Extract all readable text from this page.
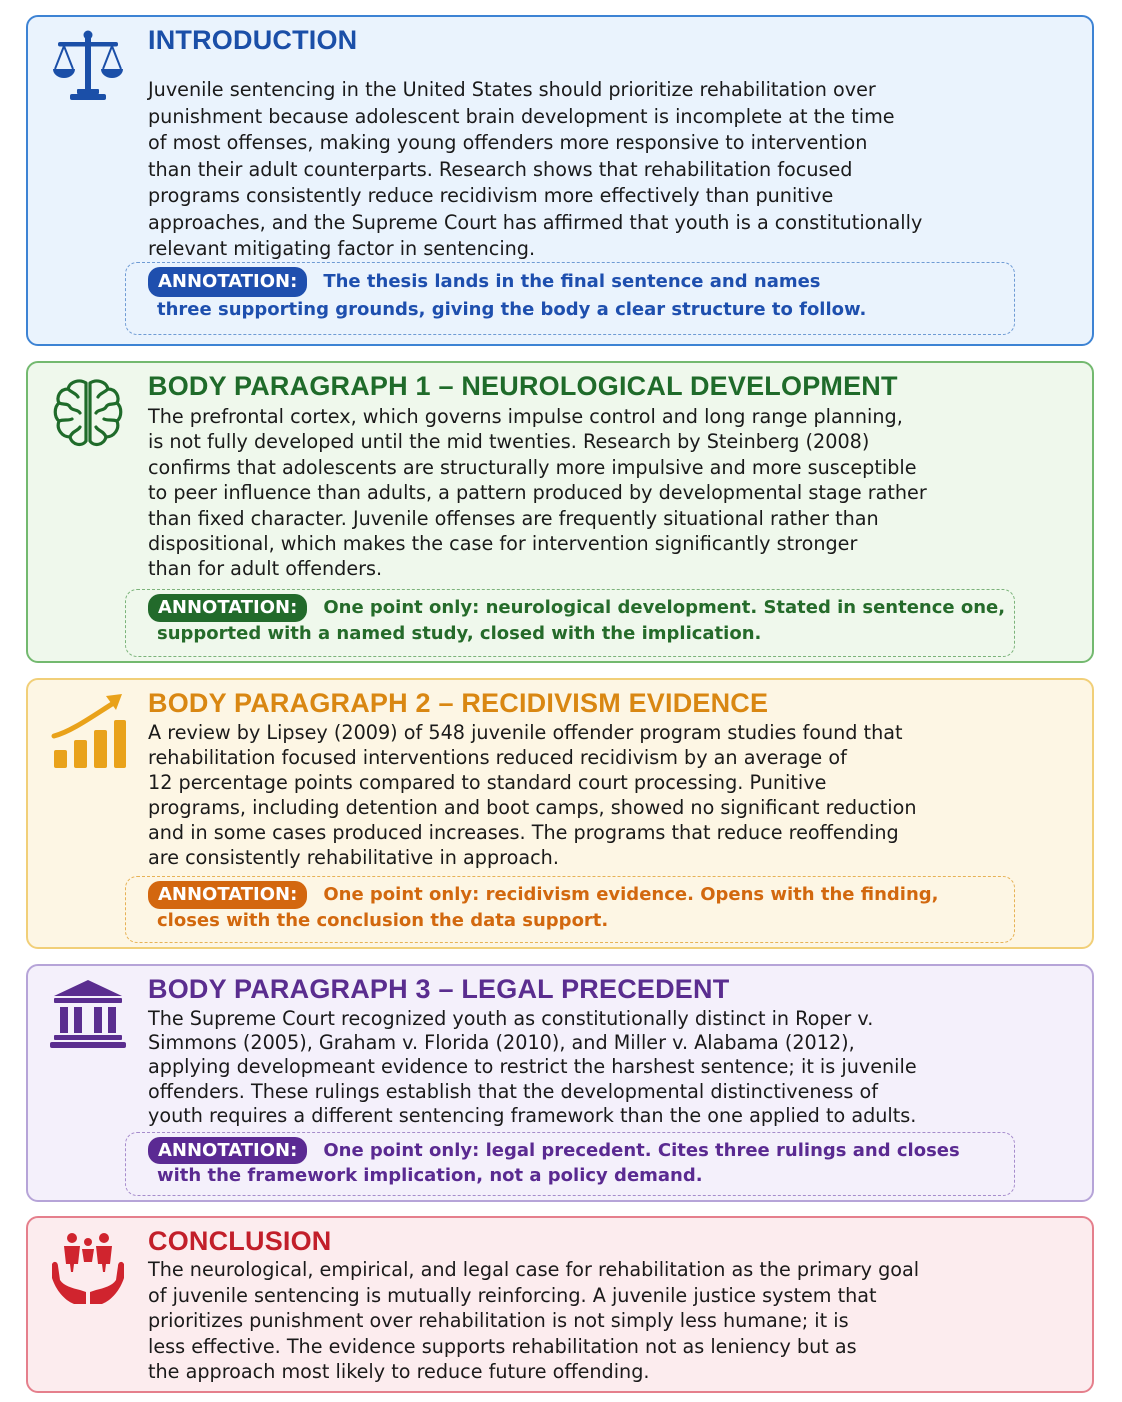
INTRODUCTION
Juvenile sentencing in the United States should prioritize rehabilitation over
punishment because adolescent brain development is incomplete at the time
of most offenses, making young offenders more responsive to intervention
than their adult counterparts. Research shows that rehabilitation focused
programs consistently reduce recidivism more effectively than punitive
approaches, and the Supreme Court has affirmed that youth is a constitutionally
relevant mitigating factor in sentencing.
ANNOTATION: The thesis lands in the final sentence and names
three supporting grounds, giving the body a clear structure to follow.
BODY PARAGRAPH 1 – NEUROLOGICAL DEVELOPMENT
The prefrontal cortex, which governs impulse control and long range planning,
is not fully developed until the mid twenties. Research by Steinberg (2008)
confirms that adolescents are structurally more impulsive and more susceptible
to peer influence than adults, a pattern produced by developmental stage rather
than fixed character. Juvenile offenses are frequently situational rather than
dispositional, which makes the case for intervention significantly stronger
than for adult offenders.
ANNOTATION: One point only: neurological development. Stated in sentence one,
supported with a named study, closed with the implication.
BODY PARAGRAPH 2 – RECIDIVISM EVIDENCE
A review by Lipsey (2009) of 548 juvenile offender program studies found that
rehabilitation focused interventions reduced recidivism by an average of
12 percentage points compared to standard court processing. Punitive
programs, including detention and boot camps, showed no significant reduction
and in some cases produced increases. The programs that reduce reoffending
are consistently rehabilitative in approach.
ANNOTATION: One point only: recidivism evidence. Opens with the finding,
closes with the conclusion the data support.
BODY PARAGRAPH 3 – LEGAL PRECEDENT
The Supreme Court recognized youth as constitutionally distinct in Roper v.
Simmons (2005), Graham v. Florida (2010), and Miller v. Alabama (2012),
applying developmeant evidence to restrict the harshest sentence; it is juvenile
offenders. These rulings establish that the developmental distinctiveness of
youth requires a different sentencing framework than the one applied to adults.
ANNOTATION: One point only: legal precedent. Cites three rulings and closes
with the framework implication, not a policy demand.
CONCLUSION
The neurological, empirical, and legal case for rehabilitation as the primary goal
of juvenile sentencing is mutually reinforcing. A juvenile justice system that
prioritizes punishment over rehabilitation is not simply less humane; it is
less effective. The evidence supports rehabilitation not as leniency but as
the approach most likely to reduce future offending.
